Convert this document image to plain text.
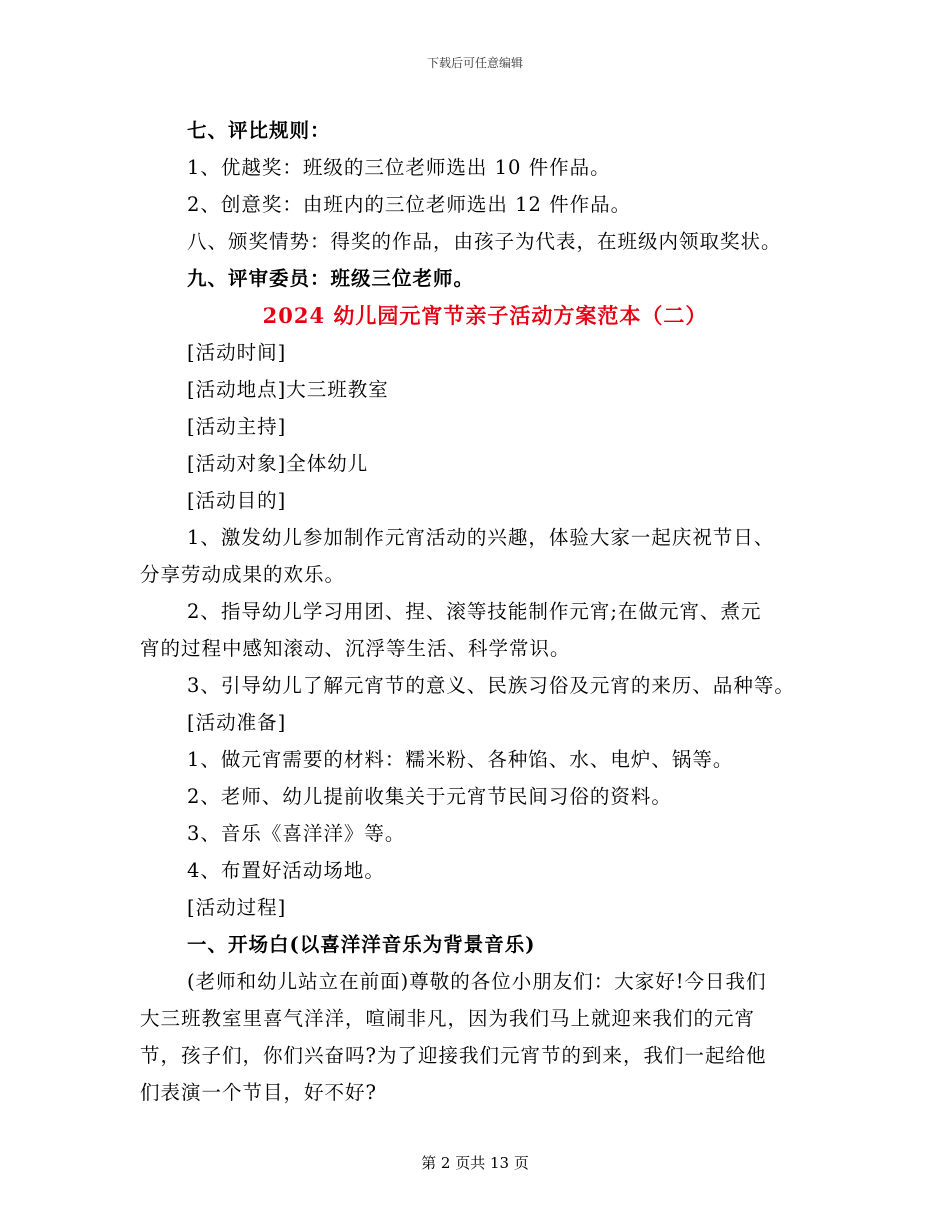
下载后可任意编辑
七、评比规则：
1、优越奖：班级的三位老师选出 10 件作品。
2、创意奖：由班内的三位老师选出 12 件作品。
八、颁奖情势：得奖的作品，由孩子为代表，在班级内领取奖状。
九、评审委员：班级三位老师。
2024 幼儿园元宵节亲子活动方案范本（二）
[活动时间]
[活动地点]大三班教室
[活动主持]
[活动对象]全体幼儿
[活动目的]
1、激发幼儿参加制作元宵活动的兴趣，体验大家一起庆祝节日、
分享劳动成果的欢乐。
2、指导幼儿学习用团、捏、滚等技能制作元宵;在做元宵、煮元
宵的过程中感知滚动、沉浮等生活、科学常识。
3、引导幼儿了解元宵节的意义、民族习俗及元宵的来历、品种等。
[活动准备]
1、做元宵需要的材料：糯米粉、各种馅、水、电炉、锅等。
2、老师、幼儿提前收集关于元宵节民间习俗的资料。
3、音乐《喜洋洋》等。
4、布置好活动场地。
[活动过程]
一、开场白(以喜洋洋音乐为背景音乐)
(老师和幼儿站立在前面)尊敬的各位小朋友们：大家好!今日我们
大三班教室里喜气洋洋，喧闹非凡，因为我们马上就迎来我们的元宵
节，孩子们，你们兴奋吗?为了迎接我们元宵节的到来，我们一起给他
们表演一个节目，好不好?
第 2 页共 13 页
